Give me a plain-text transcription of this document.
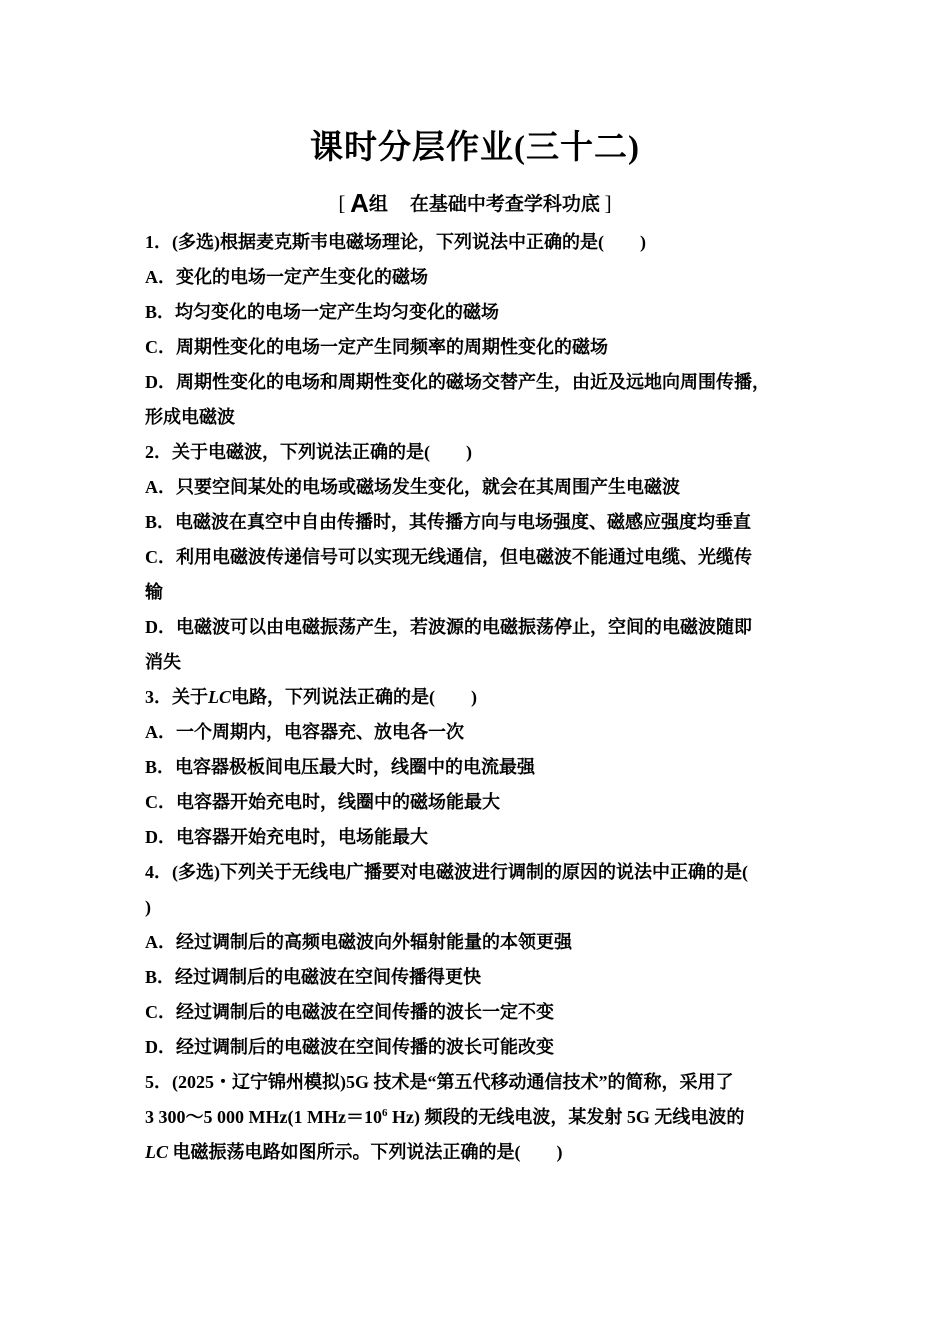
课时分层作业(三十二)
[ A组 在基础中考查学科功底 ]
1．(多选)根据麦克斯韦电磁场理论，下列说法中正确的是(　　)
A．变化的电场一定产生变化的磁场
B．均匀变化的电场一定产生均匀变化的磁场
C．周期性变化的电场一定产生同频率的周期性变化的磁场
D．周期性变化的电场和周期性变化的磁场交替产生，由近及远地向周围传播，
形成电磁波
2．关于电磁波，下列说法正确的是(　　)
A．只要空间某处的电场或磁场发生变化，就会在其周围产生电磁波
B．电磁波在真空中自由传播时，其传播方向与电场强度、磁感应强度均垂直
C．利用电磁波传递信号可以实现无线通信，但电磁波不能通过电缆、光缆传
输
D．电磁波可以由电磁振荡产生，若波源的电磁振荡停止，空间的电磁波随即
消失
3．关于LC电路，下列说法正确的是(　　)
A．一个周期内，电容器充、放电各一次
B．电容器极板间电压最大时，线圈中的电流最强
C．电容器开始充电时，线圈中的磁场能最大
D．电容器开始充电时，电场能最大
4．(多选)下列关于无线电广播要对电磁波进行调制的原因的说法中正确的是(
)
A．经过调制后的高频电磁波向外辐射能量的本领更强
B．经过调制后的电磁波在空间传播得更快
C．经过调制后的电磁波在空间传播的波长一定不变
D．经过调制后的电磁波在空间传播的波长可能改变
5．(2025・辽宁锦州模拟)5G 技术是“第五代移动通信技术”的简称，采用了
3 300～5 000 MHz(1 $MHz=10^6$ Hz) 频段的无线电波，某发射 5G 无线电波的
LC 电磁振荡电路如图所示。下列说法正确的是(　　)
